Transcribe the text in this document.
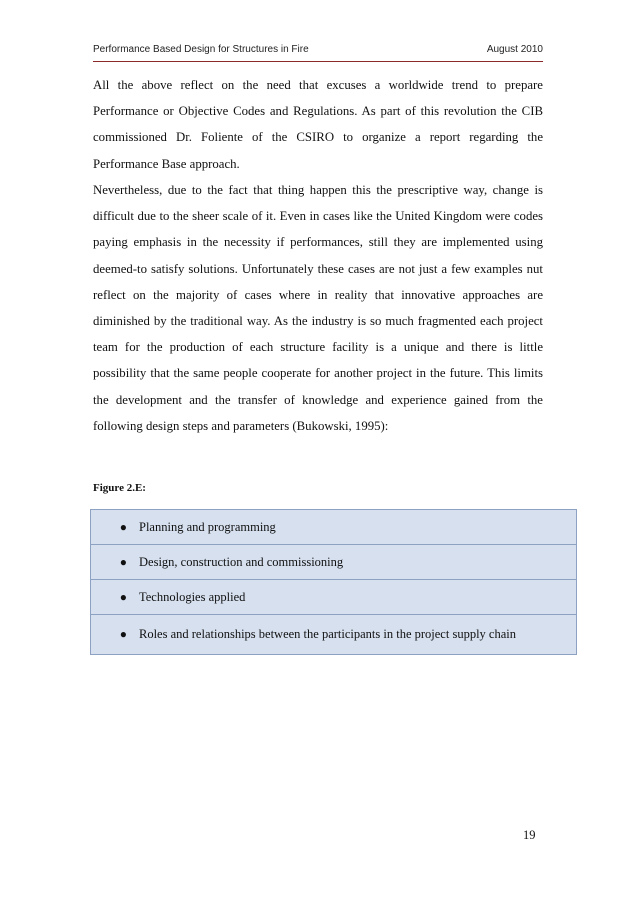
Performance Based Design for Structures in Fire	August 2010

All the above reflect on the need that excuses a worldwide trend to prepare Performance or Objective Codes and Regulations. As part of this revolution the CIB commissioned Dr. Foliente of the CSIRO to organize a report regarding the Performance Base approach.

Nevertheless, due to the fact that thing happen this the prescriptive way, change is difficult due to the sheer scale of it. Even in cases like the United Kingdom were codes paying emphasis in the necessity if performances, still they are implemented using deemed-to satisfy solutions. Unfortunately these cases are not just a few examples nut reflect on the majority of cases where in reality that innovative approaches are diminished by the traditional way. As the industry is so much fragmented each project team for the production of each structure facility is a unique and there is little possibility that the same people cooperate for another project in the future. This limits the development and the transfer of knowledge and experience gained from the following design steps and parameters (Bukowski, 1995):

Figure 2.E:
● Planning and programming
● Design, construction and commissioning
● Technologies applied
● Roles and relationships between the participants in the project supply chain
19
